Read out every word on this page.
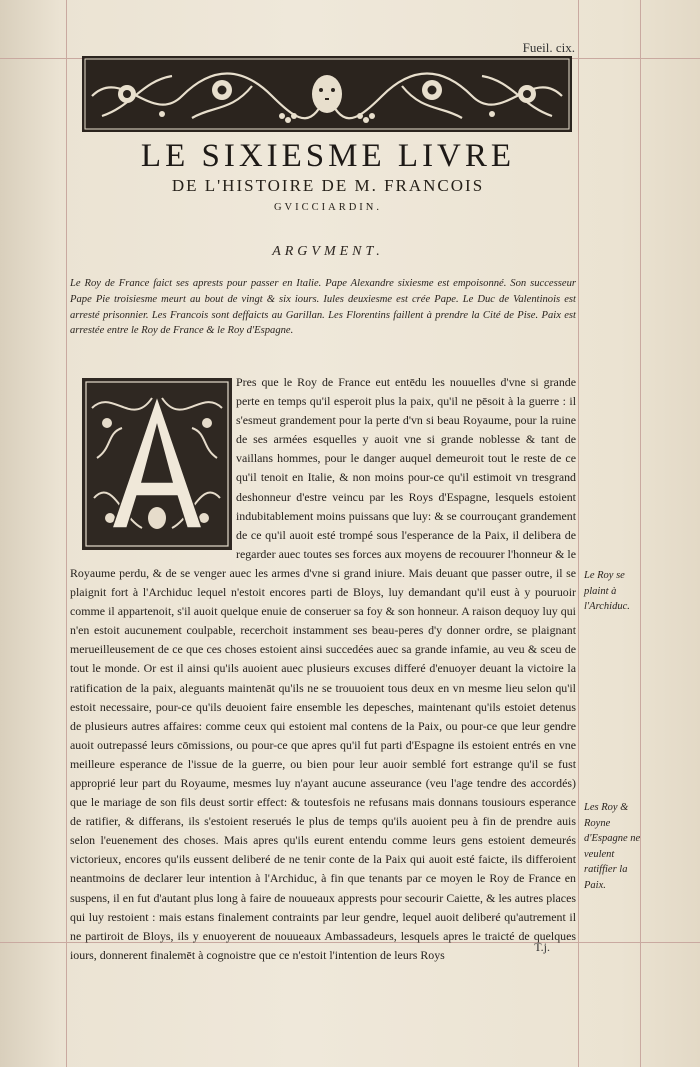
Fueil. cix.
LE SIXIESME LIVRE
DE L'HISTOIRE DE M. FRANCOIS
GVICCIARDIN.
ARGVMENT.
Le Roy de France faict ses aprests pour passer en Italie. Pape Alexandre sixiesme est empoisonné. Son successeur Pape Pie troisiesme meurt au bout de vingt & six iours. Iules deuxiesme est crée Pape. Le Duc de Valentinois est arresté prisonnier. Les Francois sont deffaicts au Garillan. Les Florentins faillent à prendre la Cité de Pise. Paix est arrestée entre le Roy de France & le Roy d'Espagne.
Pres que le Roy de France eut entēdu les nouuelles d'vne si grande perte en temps qu'il esperoit plus la paix, qu'il ne pēsoit à la guerre : il s'esmeut grandement pour la perte d'vn si beau Royaume, pour la ruine de ses armées esquelles y auoit vne si grande noblesse & tant de vaillans hommes, pour le danger auquel demeuroit tout le reste de ce qu'il tenoit en Italie, & non moins pour-ce qu'il estimoit vn tresgrand deshonneur d'estre veincu par les Roys d'Espagne, lesquels estoient indubitablement moins puissans que luy: & se courrouçant grandement de ce qu'il auoit esté trompé sous l'esperance de la Paix, il delibera de regarder auec toutes ses forces aux moyens de recouurer l'honneur & le Royaume perdu, & de se venger auec les armes d'vne si grand iniure. Mais deuant que passer outre, il se plaignit fort à l'Archiduc lequel n'estoit encores parti de Bloys, luy demandant qu'il eust à y pouruoir comme il appartenoit, s'il auoit quelque enuie de conseruer sa foy & son honneur. A raison dequoy luy qui n'en estoit aucunement coulpable, recerchoit instamment ses beau-peres d'y donner ordre, se plaignant merueilleusement de ce que ces choses estoient ainsi succedées auec sa grande infamie, au veu & sceu de tout le monde. Or est il ainsi qu'ils auoient auec plusieurs excuses differé d'enuoyer deuant la victoire la ratification de la paix, aleguants maintenāt qu'ils ne se trouuoient tous deux en vn mesme lieu selon qu'il estoit necessaire, pour-ce qu'ils deuoient faire ensemble les depesches, maintenant qu'ils estoiet detenus de plusieurs autres affaires: comme ceux qui estoient mal contens de la Paix, ou pour-ce que leur gendre auoit outrepassé leurs cōmissions, ou pour-ce que apres qu'il fut parti d'Espagne ils estoient entrés en vne meilleure esperance de l'issue de la guerre, ou bien pour leur auoir semblé fort estrange qu'il se fust approprié leur part du Royaume, mesmes luy n'ayant aucune asseurance (veu l'age tendre des accordés) que le mariage de son fils deust sortir effect: & toutesfois ne refusans mais donnans tousiours esperance de ratifier, & differans, ils s'estoient reserués le plus de temps qu'ils auoient peu à fin de prendre auis selon l'euenement des choses. Mais apres qu'ils eurent entendu comme leurs gens estoient demeurés victorieux, encores qu'ils eussent deliberé de ne tenir conte de la Paix qui auoit esté faicte, ils differoient neantmoins de declarer leur intention à l'Archiduc, à fin que tenants par ce moyen le Roy de France en suspens, il en fut d'autant plus long à faire de nouueaux apprests pour secourir Caiette, & les autres places qui luy restoient : mais estans finalement contraints par leur gendre, lequel auoit deliberé qu'autrement il ne partiroit de Bloys, ils y enuoyerent de nouueaux Ambassadeurs, lesquels apres le traicté de quelques iours, donnerent finalemēt à cognoistre que ce n'estoit l'intention de leurs Roys
Le Roy se plaint à l'Archiduc.
Les Roy & Royne d'Espagne ne veulent ratiffier la Paix.
T.j.
